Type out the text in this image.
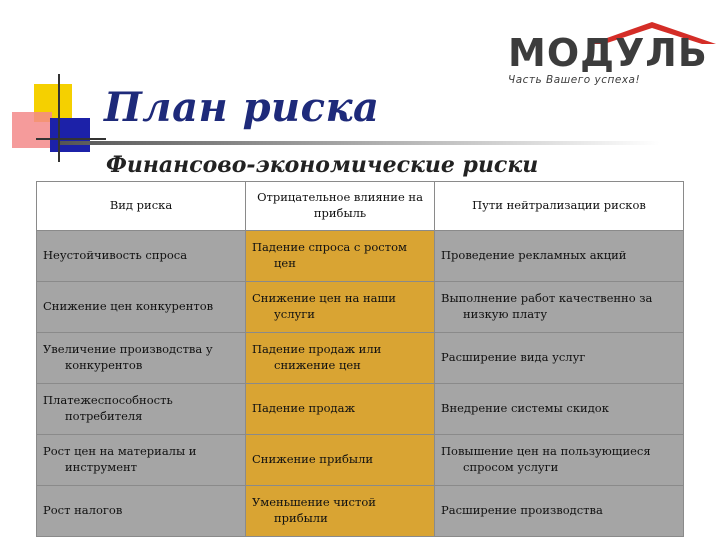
МОДУЛЬ
Часть Вашего успеха!
План риска
Финансово-экономические риски
Вид риска	Отрицательное влияние на прибыль	Пути нейтрализации рисков

Неустойчивость спроса	Падение спроса с ростом цен	Проведение рекламных акций

Снижение цен конкурентов	Снижение цен на наши услуги	Выполнение работ качественно за низкую плату

Увеличение производства у конкурентов	Падение продаж или снижение цен	Расширение вида услуг

Платежеспособность потребителя	Падение продаж	Внедрение системы скидок

Рост цен на материалы и инструмент	Снижение прибыли	Повышение цен на пользующиеся спросом услуги

Рост налогов	Уменьшение чистой прибыли	Расширение производства
